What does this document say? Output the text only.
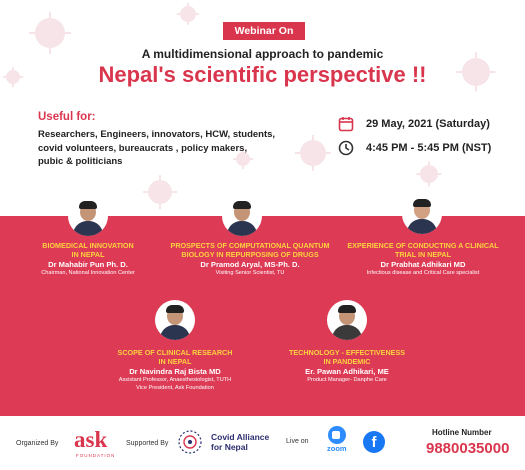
Webinar On
A multidimensional approach to pandemic
Nepal's scientific perspective !!
Useful for:
Researchers, Engineers, innovators, HCW, students,
covid volunteers, bureaucrats , policy makers,
pubic & politicians
29 May, 2021 (Saturday)
4:45 PM - 5:45 PM (NST)
BIOMEDICAL INNOVATION
IN NEPAL
Dr Mahabir Pun Ph. D.
Chairman, National Innovation Center
PROSPECTS OF COMPUTATIONAL QUANTUM
BIOLOGY IN REPURPOSING OF DRUGS
Dr Pramod Aryal, MS-Ph. D.
Visiting Senior Scientist, TU
EXPERIENCE OF CONDUCTING A CLINICAL
TRIAL IN NEPAL
Dr Prabhat Adhikari MD
Infectious disease and Critical Care specialist
SCOPE OF CLINICAL RESEARCH
IN NEPAL
Dr Navindra Raj Bista MD
Assistant Professor, Anaesthesiologist, TUTH
Vice President, Ask Foundation
TECHNOLOGY - EFFECTIVENESS
IN PANDEMIC
Er. Pawan Adhikari, ME
Product Manager- Danphe Care
Organized By ask
FOUNDATION
Supported By
Covid Alliance
for Nepal
Live on
zoom	f
Hotline Number
9880035000
